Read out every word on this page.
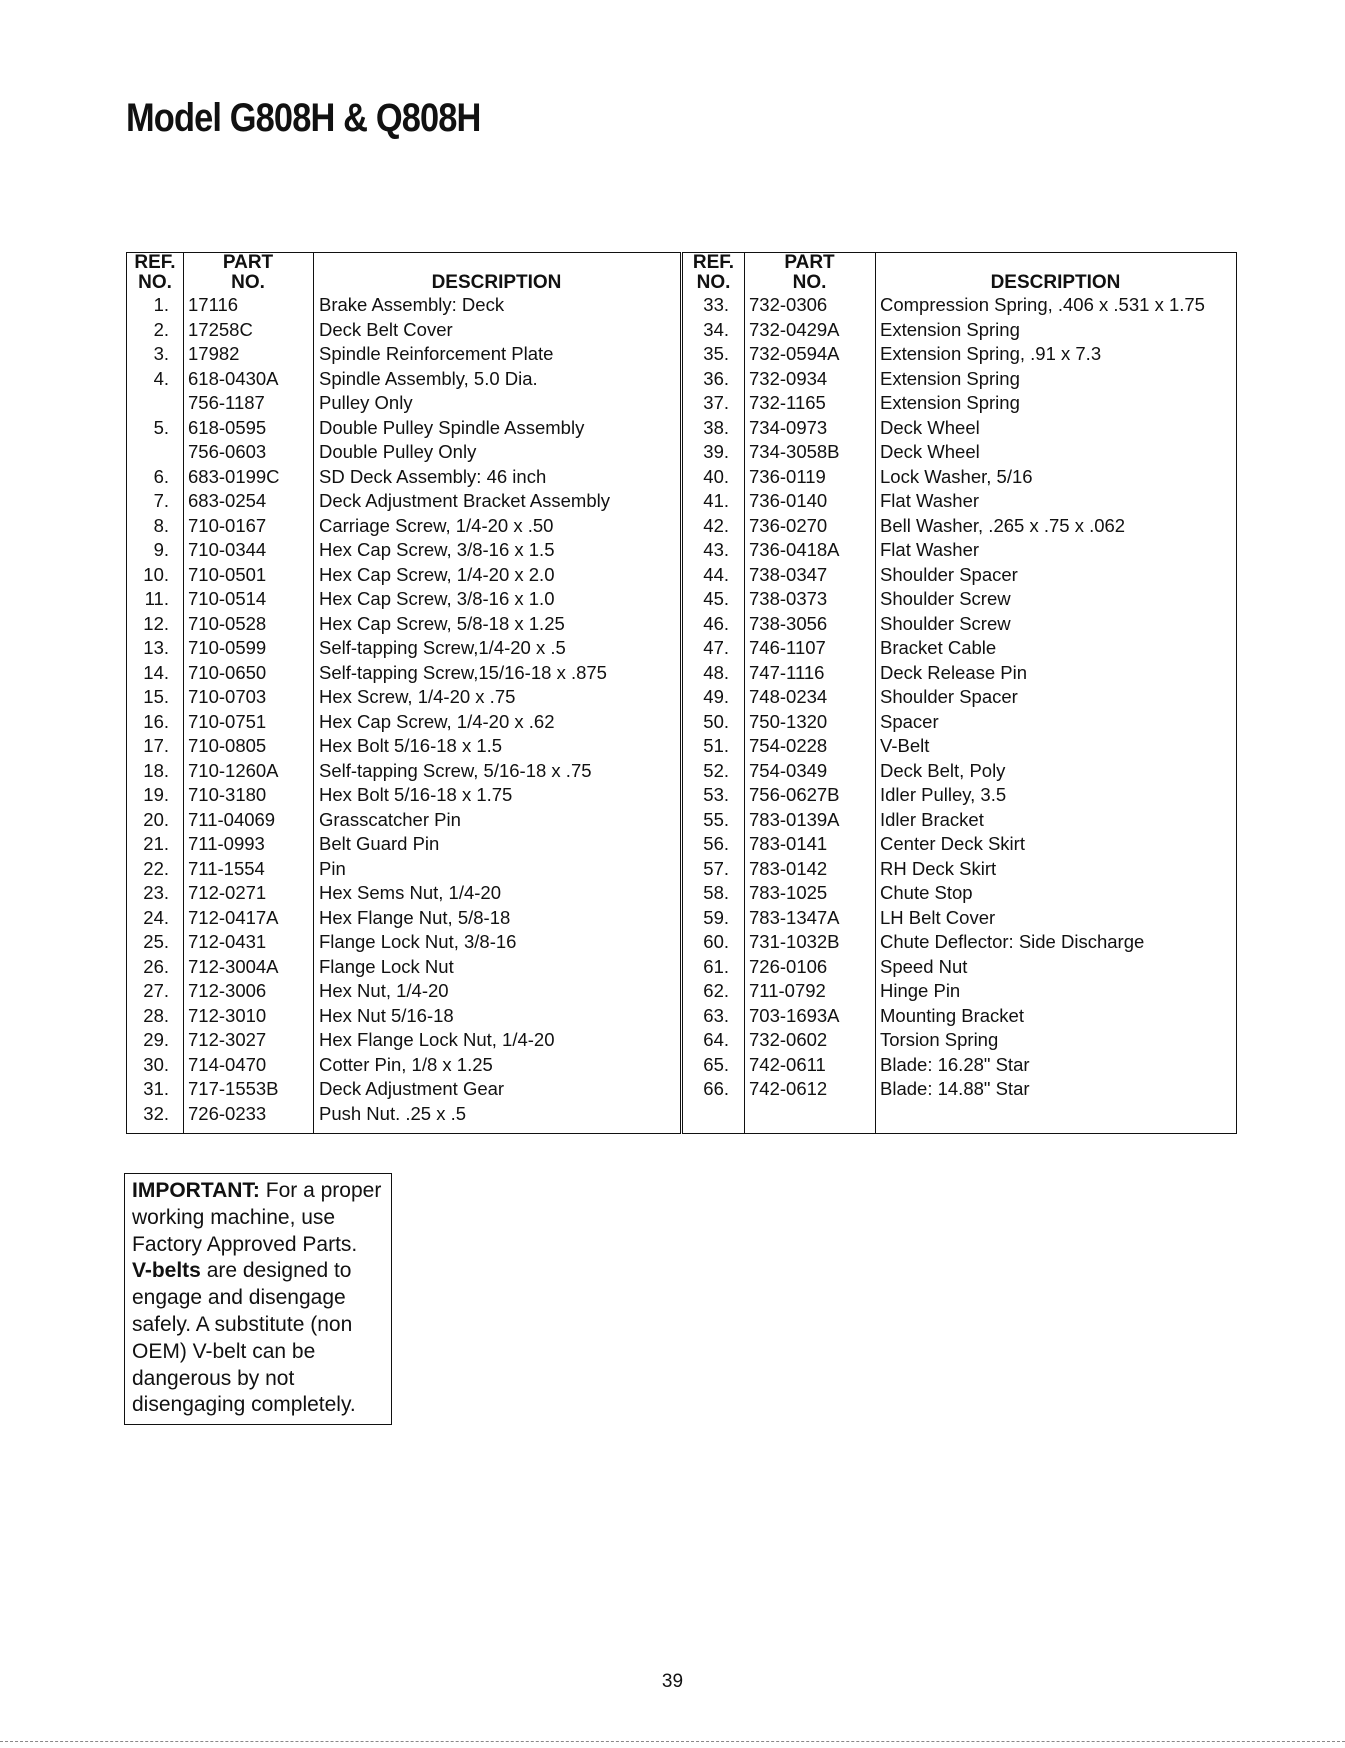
Model G808H & Q808H
REF.
NO.
PART
NO.	DESCRIPTION
1. 17116	Brake Assembly: Deck
2. 17258C	Deck Belt Cover
3. 17982	Spindle Reinforcement Plate
4. 618-0430A Spindle Assembly, 5.0 Dia.
756-1187	Pulley Only
5. 618-0595	Double Pulley Spindle Assembly
756-0603	Double Pulley Only
6. 683-0199C SD Deck Assembly: 46 inch
7. 683-0254	Deck Adjustment Bracket Assembly
8. 710-0167	Carriage Screw, 1/4-20 x .50
9. 710-0344	Hex Cap Screw, 3/8-16 x 1.5
10. 710-0501	Hex Cap Screw, 1/4-20 x 2.0
11. 710-0514	Hex Cap Screw, 3/8-16 x 1.0
12. 710-0528	Hex Cap Screw, 5/8-18 x 1.25
13. 710-0599	Self-tapping Screw,1/4-20 x .5
14. 710-0650	Self-tapping Screw,15/16-18 x .875
15. 710-0703	Hex Screw, 1/4-20 x .75
16. 710-0751	Hex Cap Screw, 1/4-20 x .62
17. 710-0805	Hex Bolt 5/16-18 x 1.5
18. 710-1260A Self-tapping Screw, 5/16-18 x .75
19. 710-3180	Hex Bolt 5/16-18 x 1.75
20. 711-04069 Grasscatcher Pin
21. 711-0993	Belt Guard Pin
22. 711-1554	Pin
23. 712-0271	Hex Sems Nut, 1/4-20
24. 712-0417A Hex Flange Nut, 5/8-18
25. 712-0431	Flange Lock Nut, 3/8-16
26. 712-3004A Flange Lock Nut
27. 712-3006	Hex Nut, 1/4-20
28. 712-3010	Hex Nut 5/16-18
29. 712-3027	Hex Flange Lock Nut, 1/4-20
30. 714-0470	Cotter Pin, 1/8 x 1.25
31. 717-1553B Deck Adjustment Gear
32. 726-0233	Push Nut. .25 x .5
REF.
NO.
PART
NO.	DESCRIPTION
33. 732-0306	Compression Spring, .406 x .531 x 1.75
34. 732-0429A Extension Spring
35. 732-0594A Extension Spring, .91 x 7.3
36. 732-0934	Extension Spring
37. 732-1165	Extension Spring
38. 734-0973	Deck Wheel
39. 734-3058B Deck Wheel
40. 736-0119	Lock Washer, 5/16
41. 736-0140	Flat Washer
42. 736-0270	Bell Washer, .265 x .75 x .062
43. 736-0418A Flat Washer
44. 738-0347	Shoulder Spacer
45. 738-0373	Shoulder Screw
46. 738-3056	Shoulder Screw
47. 746-1107	Bracket Cable
48. 747-1116	Deck Release Pin
49. 748-0234	Shoulder Spacer
50. 750-1320	Spacer
51. 754-0228	V-Belt
52. 754-0349	Deck Belt, Poly
53. 756-0627B Idler Pulley, 3.5
55. 783-0139A Idler Bracket
56. 783-0141	Center Deck Skirt
57. 783-0142	RH Deck Skirt
58. 783-1025	Chute Stop
59. 783-1347A LH Belt Cover
60. 731-1032B Chute Deflector: Side Discharge
61. 726-0106	Speed Nut
62. 711-0792	Hinge Pin
63. 703-1693A Mounting Bracket
64. 732-0602	Torsion Spring
65. 742-0611	Blade: 16.28" Star
66. 742-0612	Blade: 14.88" Star
IMPORTANT: For a proper
working machine, use
Factory Approved Parts.
V-belts are designed to
engage and disengage
safely. A substitute (non
OEM) V-belt can be
dangerous by not
disengaging completely.
39
